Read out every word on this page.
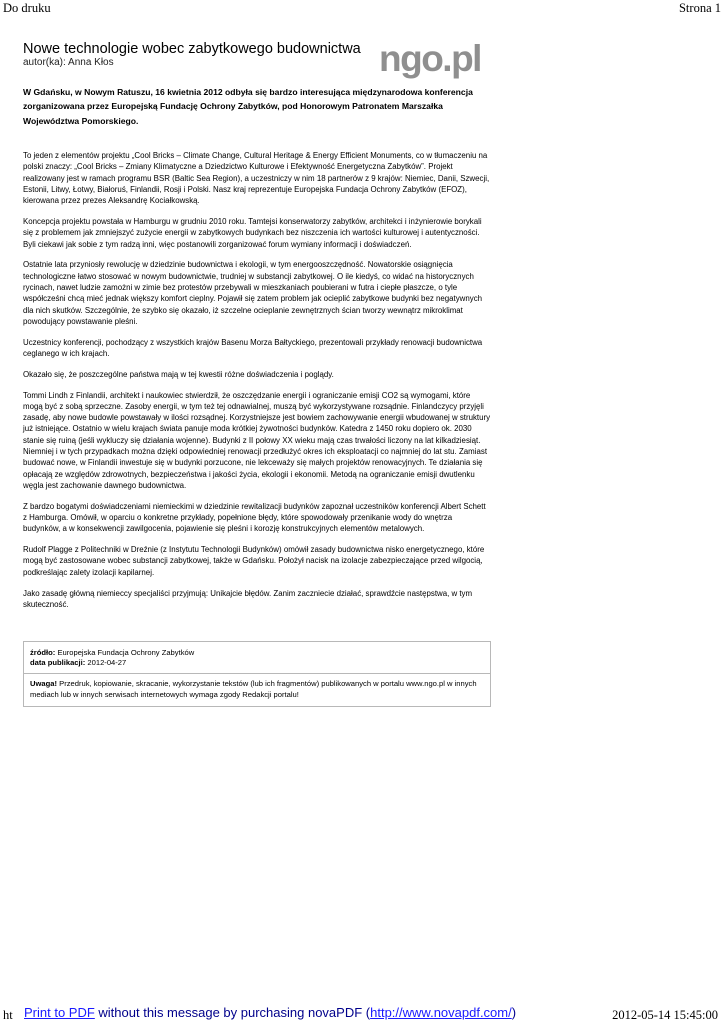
Do druku	Strona 1
Nowe technologie wobec zabytkowego budownictwa
autor(ka): Anna Kłos	ngo.pl

W Gdańsku, w Nowym Ratuszu, 16 kwietnia 2012 odbyła się bardzo interesująca międzynarodowa konferencja zorganizowana przez Europejską Fundację Ochrony Zabytków, pod Honorowym Patronatem Marszałka Województwa Pomorskiego.

To jeden z elementów projektu „Cool Bricks – Climate Change, Cultural Heritage & Energy Efficient Monuments, co w tłumaczeniu na polski znaczy: „Cool Bricks – Zmiany Klimatyczne a Dziedzictwo Kulturowe i Efektywność Energetyczna Zabytków”. Projekt realizowany jest w ramach programu BSR (Baltic Sea Region), a uczestniczy w nim 18 partnerów z 9 krajów: Niemiec, Danii, Szwecji, Estonii, Litwy, Łotwy, Białoruś, Finlandii, Rosji i Polski. Nasz kraj reprezentuje Europejska Fundacja Ochrony Zabytków (EFOZ), kierowana przez prezes Aleksandrę Kociałkowską.

Koncepcja projektu powstała w Hamburgu w grudniu 2010 roku. Tamtejsi konserwatorzy zabytków, architekci i inżynierowie borykali się z problemem jak zmniejszyć zużycie energii w zabytkowych budynkach bez niszczenia ich wartości kulturowej i autentyczności. Byli ciekawi jak sobie z tym radzą inni, więc postanowili zorganizować forum wymiany informacji i doświadczeń.

Ostatnie lata przyniosły rewolucję w dziedzinie budownictwa i ekologii, w tym energooszczędność. Nowatorskie osiągnięcia technologiczne łatwo stosować w nowym budownictwie, trudniej w substancji zabytkowej. O ile kiedyś, co widać na historycznych rycinach, nawet ludzie zamożni w zimie bez protestów przebywali w mieszkaniach poubierani w futra i ciepłe płaszcze, o tyle współcześni chcą mieć jednak większy komfort cieplny. Pojawił się zatem problem jak ocieplić zabytkowe budynki bez negatywnych dla nich skutków. Szczególnie, że szybko się okazało, iż szczelne ocieplanie zewnętrznych ścian tworzy wewnątrz mikroklimat powodujący powstawanie pleśni.

Uczestnicy konferencji, pochodzący z wszystkich krajów Basenu Morza Bałtyckiego, prezentowali przykłady renowacji budownictwa ceglanego w ich krajach.

Okazało się, że poszczególne państwa mają w tej kwestii różne doświadczenia i poglądy.

Tommi Lindh z Finlandii, architekt i naukowiec stwierdził, że oszczędzanie energii i ograniczanie emisji CO2 są wymogami, które mogą być z sobą sprzeczne. Zasoby energii, w tym też tej odnawialnej, muszą być wykorzystywane rozsądnie. Finlandczycy przyjęli zasadę, aby nowe budowle powstawały w ilości rozsądnej. Korzystniejsze jest bowiem zachowywanie energii wbudowanej w struktury już istniejące. Ostatnio w wielu krajach świata panuje moda krótkiej żywotności budynków. Katedra z 1450 roku dopiero ok. 2030 stanie się ruiną (jeśli wykluczy się działania wojenne). Budynki z II połowy XX wieku mają czas trwałości liczony na lat kilkadziesiąt. Niemniej i w tych przypadkach można dzięki odpowiedniej renowacji przedłużyć okres ich eksploatacji co najmniej do lat stu. Zamiast budować nowe, w Finlandii inwestuje się w budynki porzucone, nie lekceważy się małych projektów renowacyjnych. Te działania się opłacają ze względów zdrowotnych, bezpieczeństwa i jakości życia, ekologii i ekonomii. Metodą na ograniczanie emisji dwutlenku węgla jest zachowanie dawnego budownictwa.

Z bardzo bogatymi doświadczeniami niemieckimi w dziedzinie rewitalizacji budynków zapoznał uczestników konferencji Albert Schett z Hamburga. Omówił, w oparciu o konkretne przykłady, popełnione błędy, które spowodowały przenikanie wody do wnętrza budynków, a w konsekwencji zawilgocenia, pojawienie się pleśni i korozję konstrukcyjnych elementów metalowych.

Rudolf Plagge z Politechniki w Dreźnie (z Instytutu Technologii Budynków) omówił zasady budownictwa nisko energetycznego, które mogą być zastosowane wobec substancji zabytkowej, także w Gdańsku. Położył nacisk na izolacje zabezpieczające przed wilgocią, podkreślając zalety izolacji kapilarnej.

Jako zasadę główną niemieccy specjaliści przyjmują: Unikajcie błędów. Zanim zaczniecie działać, sprawdźcie następstwa, w tym skuteczność.

źródło: Europejska Fundacja Ochrony Zabytków
data publikacji: 2012-04-27
Uwaga! Przedruk, kopiowanie, skracanie, wykorzystanie tekstów (lub ich fragmentów) publikowanych w portalu www.ngo.pl w innych mediach lub w innych serwisach internetowych wymaga zgody Redakcji portalu!
ht Print to PDF without this message by purchasing novaPDF (http://www.novapdf.com/)	2012-05-14 15:45:00
